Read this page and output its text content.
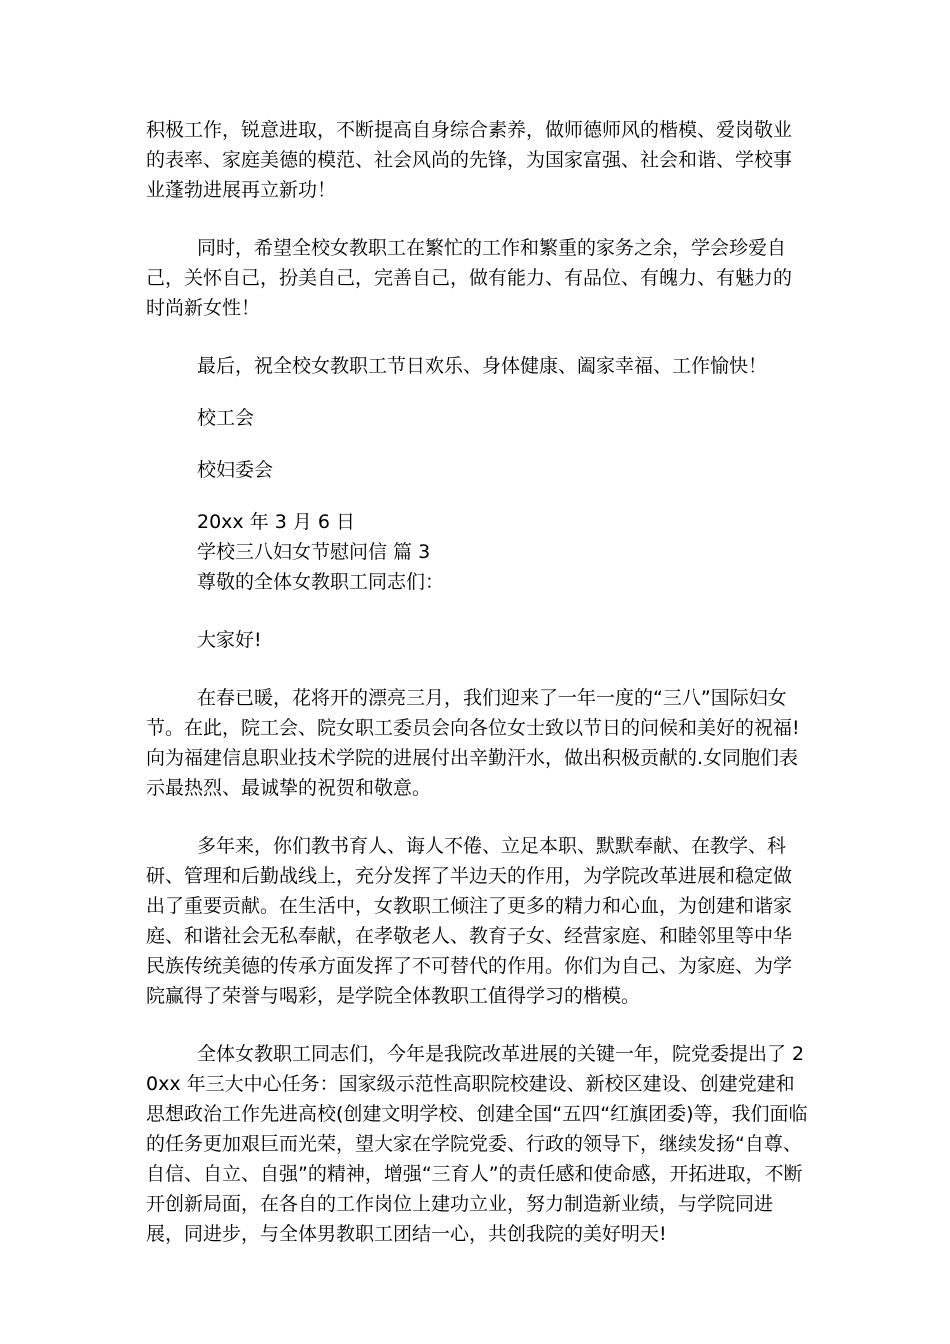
积极工作，锐意进取，不断提高自身综合素养，做师德师风的楷模、爱岗敬业的表率、家庭美德的模范、社会风尚的先锋，为国家富强、社会和谐、学校事业蓬勃进展再立新功！

同时，希望全校女教职工在繁忙的工作和繁重的家务之余，学会珍爱自己，关怀自己，扮美自己，完善自己，做有能力、有品位、有魄力、有魅力的时尚新女性！

最后，祝全校女教职工节日欢乐、身体健康、阖家幸福、工作愉快！

校工会

校妇委会

20xx 年 3 月 6 日

学校三八妇女节慰问信 篇 3

尊敬的全体女教职工同志们：

大家好!

在春已暖，花将开的漂亮三月，我们迎来了一年一度的“三八”国际妇女节。在此，院工会、院女职工委员会向各位女士致以节日的问候和美好的祝福!向为福建信息职业技术学院的进展付出辛勤汗水，做出积极贡献的.女同胞们表示最热烈、最诚挚的祝贺和敬意。

多年来，你们教书育人、诲人不倦、立足本职、默默奉献、在教学、科研、管理和后勤战线上，充分发挥了半边天的作用，为学院改革进展和稳定做出了重要贡献。在生活中，女教职工倾注了更多的精力和心血，为创建和谐家庭、和谐社会无私奉献，在孝敬老人、教育子女、经营家庭、和睦邻里等中华民族传统美德的传承方面发挥了不可替代的作用。你们为自己、为家庭、为学院赢得了荣誉与喝彩，是学院全体教职工值得学习的楷模。

全体女教职工同志们，今年是我院改革进展的关键一年，院党委提出了 20xx 年三大中心任务：国家级示范性高职院校建设、新校区建设、创建党建和思想政治工作先进高校(创建文明学校、创建全国“五四“红旗团委)等，我们面临的任务更加艰巨而光荣，望大家在学院党委、行政的领导下，继续发扬“自尊、自信、自立、自强”的精神，增强“三育人”的责任感和使命感，开拓进取，不断开创新局面，在各自的工作岗位上建功立业，努力制造新业绩，与学院同进展，同进步，与全体男教职工团结一心，共创我院的美好明天!
